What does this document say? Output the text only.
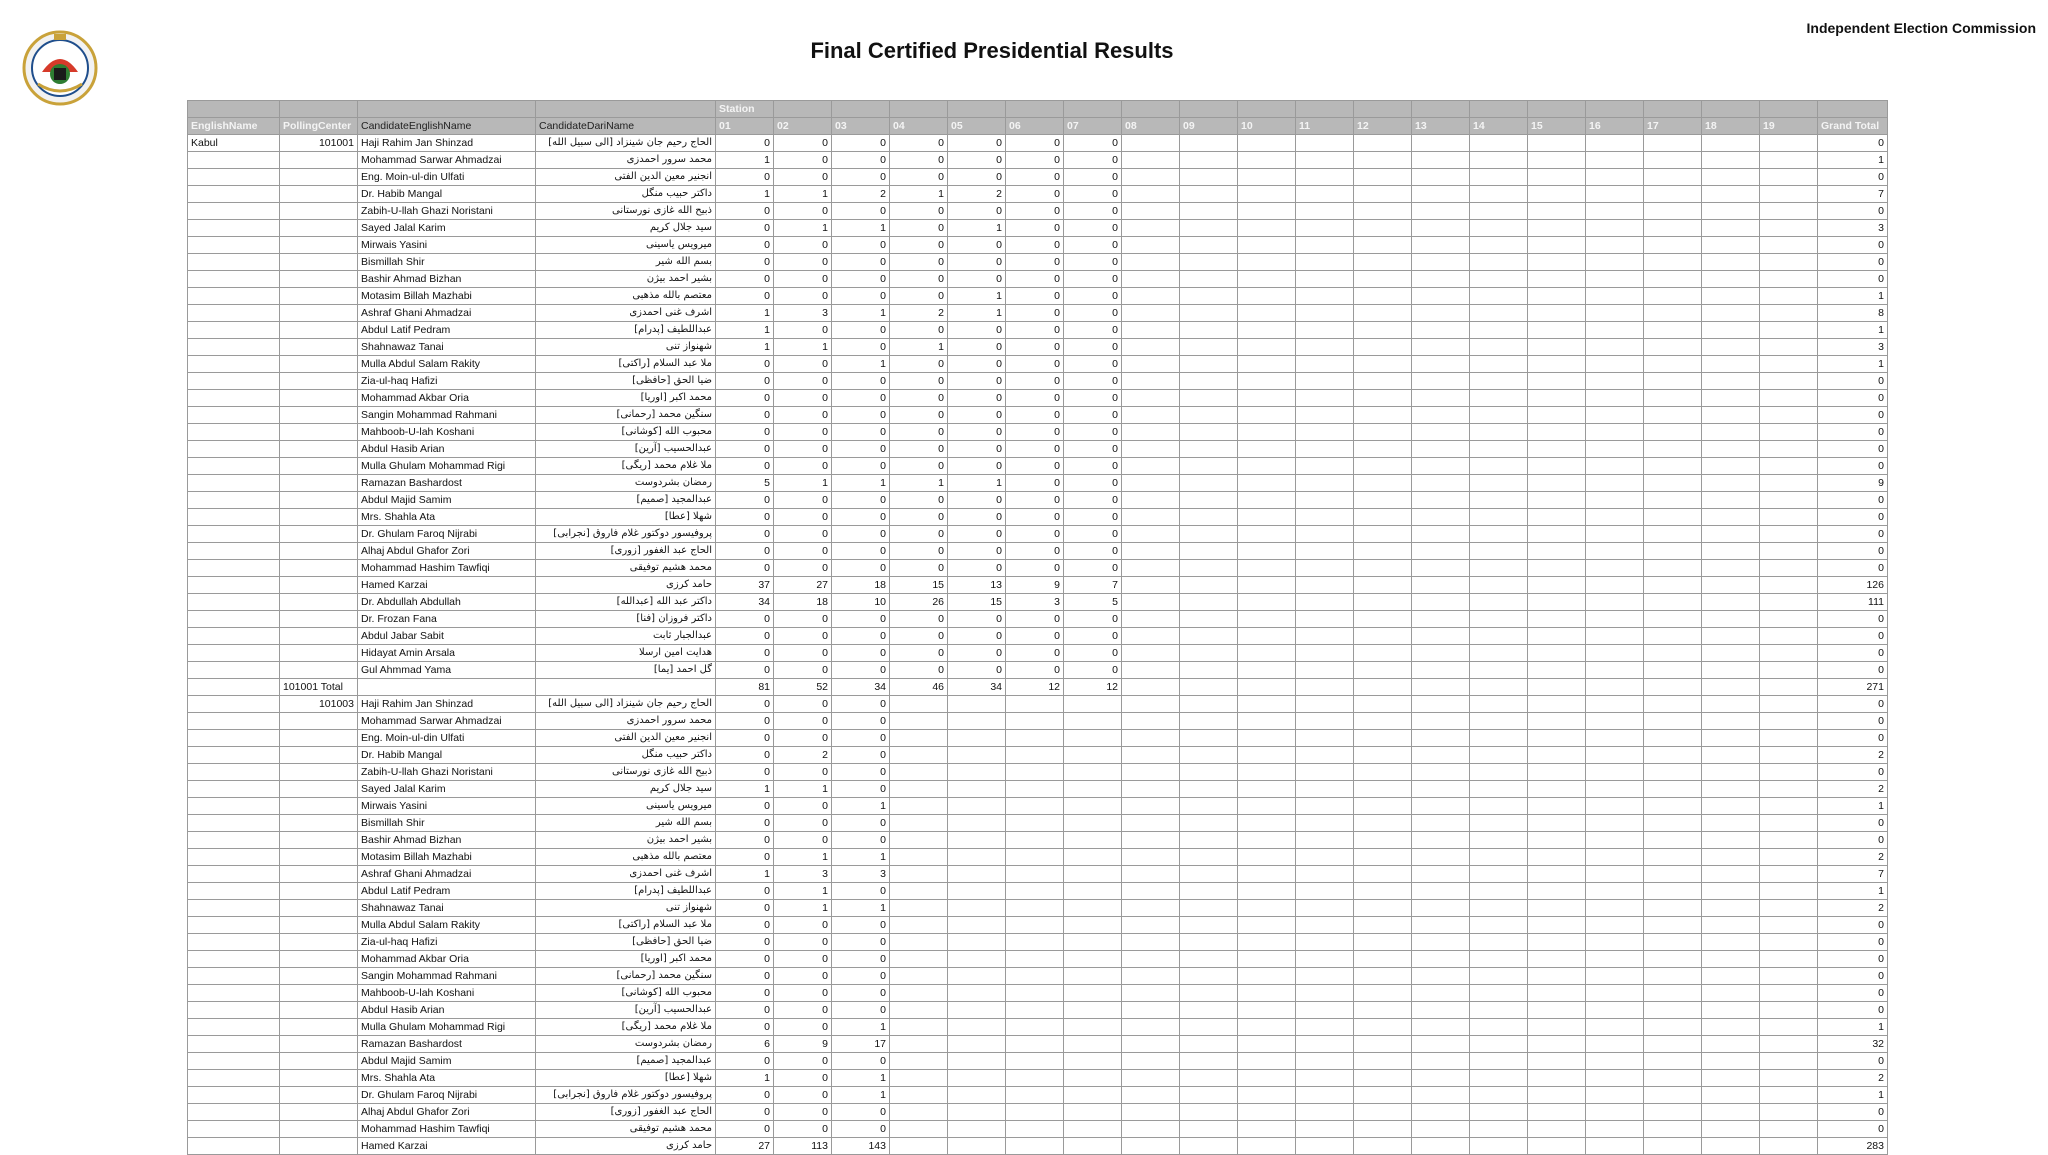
Final Certified Presidential Results
Independent Election Commission
				Station																			
EnglishName	PollingCenter	CandidateEnglishName	CandidateDariName	01	02	03	04	05	06	07	08	09	10	11	12	13	14	15	16	17	18	19	Grand Total
Kabul	101001	Haji Rahim Jan Shinzad	الحاج رحیم جان شینزاد [الی سبیل الله]	0	0	0	0	0	0	0													0
		Mohammad Sarwar Ahmadzai	محمد سرور احمدزی	1	0	0	0	0	0	0													1
		Eng. Moin-ul-din Ulfati	انجنیر معین الدین الفتی	0	0	0	0	0	0	0													0
		Dr. Habib Mangal	داکتر حبیب منگل	1	1	2	1	2	0	0													7
		Zabih-U-llah Ghazi Noristani	ذبیح الله غازی نورستانی	0	0	0	0	0	0	0													0
		Sayed Jalal Karim	سید جلال کریم	0	1	1	0	1	0	0													3
		Mirwais Yasini	میرویس یاسینی	0	0	0	0	0	0	0													0
		Bismillah Shir	بسم الله شیر	0	0	0	0	0	0	0													0
		Bashir Ahmad Bizhan	بشیر احمد بیژن	0	0	0	0	0	0	0													0
		Motasim Billah Mazhabi	معتصم بالله مذهبی	0	0	0	0	1	0	0													1
		Ashraf Ghani Ahmadzai	اشرف غنی احمدزی	1	3	1	2	1	0	0													8
		Abdul Latif Pedram	عبداللطیف [پدرام]	1	0	0	0	0	0	0													1
		Shahnawaz Tanai	شهنواز تنی	1	1	0	1	0	0	0													3
		Mulla Abdul Salam Rakity	ملا عبد السلام [راکتی]	0	0	1	0	0	0	0													1
		Zia-ul-haq Hafizi	ضیا الحق [حافظی]	0	0	0	0	0	0	0													0
		Mohammad Akbar Oria	محمد اکبر [اوریا]	0	0	0	0	0	0	0													0
		Sangin Mohammad Rahmani	سنگین محمد [رحمانی]	0	0	0	0	0	0	0													0
		Mahboob-U-lah Koshani	محبوب الله [کوشانی]	0	0	0	0	0	0	0													0
		Abdul Hasib Arian	عبدالحسیب [آرین]	0	0	0	0	0	0	0													0
		Mulla Ghulam Mohammad Rigi	ملا غلام محمد [ریگی]	0	0	0	0	0	0	0													0
		Ramazan Bashardost	رمضان بشردوست	5	1	1	1	1	0	0													9
		Abdul Majid Samim	عبدالمجید [صمیم]	0	0	0	0	0	0	0													0
		Mrs. Shahla Ata	شهلا [عطا]	0	0	0	0	0	0	0													0
		Dr. Ghulam Faroq Nijrabi	پروفیسور دوکتور غلام فاروق [نجرابی]	0	0	0	0	0	0	0													0
		Alhaj Abdul Ghafor Zori	الحاج عبد الغفور [زوری]	0	0	0	0	0	0	0													0
		Mohammad Hashim Tawfiqi	محمد هشیم توفیقی	0	0	0	0	0	0	0													0
		Hamed Karzai	حامد کرزی	37	27	18	15	13	9	7													126
		Dr. Abdullah Abdullah	داکتر عبد الله [عبدالله]	34	18	10	26	15	3	5													111
		Dr. Frozan Fana	داکتر فروزان [فنا]	0	0	0	0	0	0	0													0
		Abdul Jabar Sabit	عبدالجبار ثابت	0	0	0	0	0	0	0													0
		Hidayat Amin Arsala	هدایت امین ارسلا	0	0	0	0	0	0	0													0
		Gul Ahmmad Yama	گل احمد [یما]	0	0	0	0	0	0	0													0
	101001 Total			81	52	34	46	34	12	12													271
	101003	Haji Rahim Jan Shinzad	الحاج رحیم جان شینزاد [الی سبیل الله]	0	0	0																	0
		Mohammad Sarwar Ahmadzai	محمد سرور احمدزی	0	0	0																	0
		Eng. Moin-ul-din Ulfati	انجنیر معین الدین الفتی	0	0	0																	0
		Dr. Habib Mangal	داکتر حبیب منگل	0	2	0																	2
		Zabih-U-llah Ghazi Noristani	ذبیح الله غازی نورستانی	0	0	0																	0
		Sayed Jalal Karim	سید جلال کریم	1	1	0																	2
		Mirwais Yasini	میرویس یاسینی	0	0	1																	1
		Bismillah Shir	بسم الله شیر	0	0	0																	0
		Bashir Ahmad Bizhan	بشیر احمد بیژن	0	0	0																	0
		Motasim Billah Mazhabi	معتصم بالله مذهبی	0	1	1																	2
		Ashraf Ghani Ahmadzai	اشرف غنی احمدزی	1	3	3																	7
		Abdul Latif Pedram	عبداللطیف [پدرام]	0	1	0																	1
		Shahnawaz Tanai	شهنواز تنی	0	1	1																	2
		Mulla Abdul Salam Rakity	ملا عبد السلام [راکتی]	0	0	0																	0
		Zia-ul-haq Hafizi	ضیا الحق [حافظی]	0	0	0																	0
		Mohammad Akbar Oria	محمد اکبر [اوریا]	0	0	0																	0
		Sangin Mohammad Rahmani	سنگین محمد [رحمانی]	0	0	0																	0
		Mahboob-U-lah Koshani	محبوب الله [کوشانی]	0	0	0																	0
		Abdul Hasib Arian	عبدالحسیب [آرین]	0	0	0																	0
		Mulla Ghulam Mohammad Rigi	ملا غلام محمد [ریگی]	0	0	1																	1
		Ramazan Bashardost	رمضان بشردوست	6	9	17																	32
		Abdul Majid Samim	عبدالمجید [صمیم]	0	0	0																	0
		Mrs. Shahla Ata	شهلا [عطا]	1	0	1																	2
		Dr. Ghulam Faroq Nijrabi	پروفیسور دوکتور غلام فاروق [نجرابی]	0	0	1																	1
		Alhaj Abdul Ghafor Zori	الحاج عبد الغفور [زوری]	0	0	0																	0
		Mohammad Hashim Tawfiqi	محمد هشیم توفیقی	0	0	0																	0
		Hamed Karzai	حامد کرزی	27	113	143																	283
